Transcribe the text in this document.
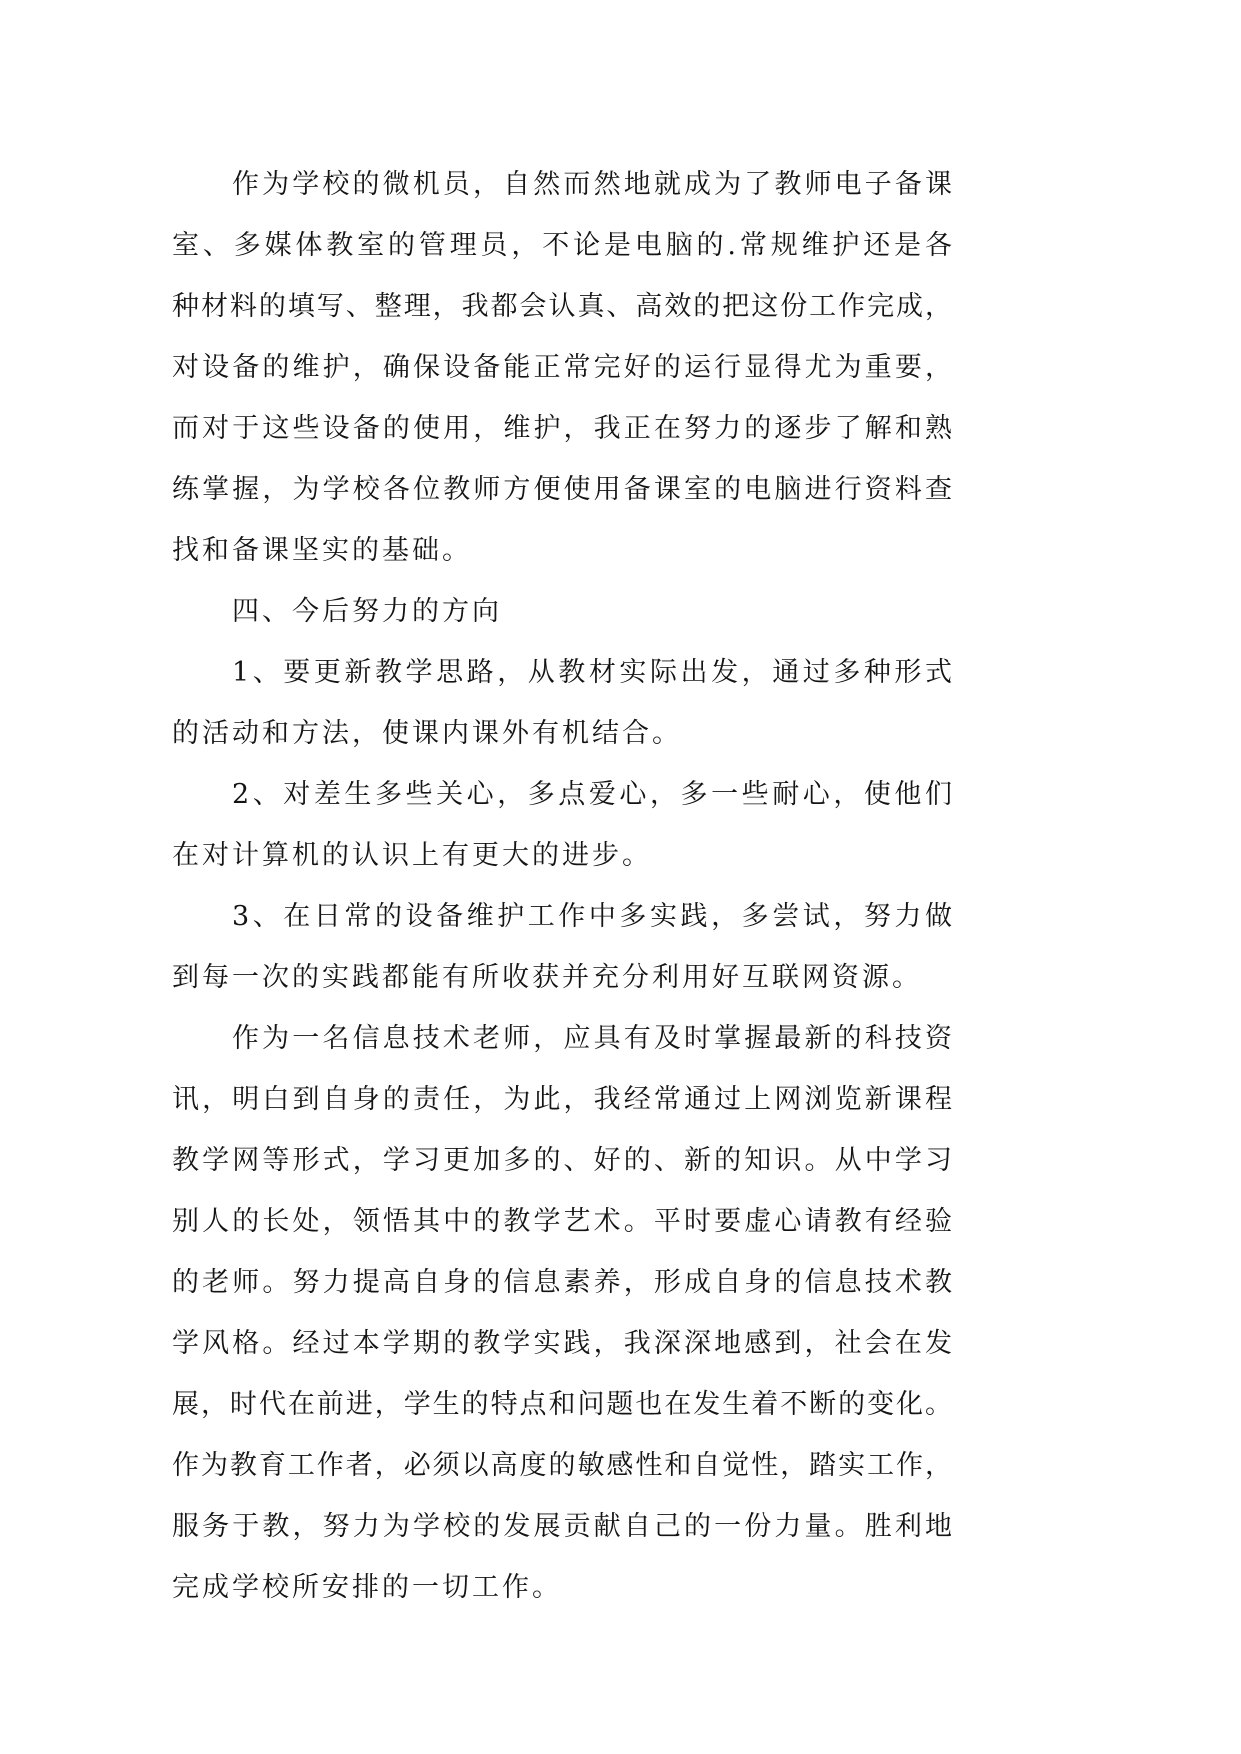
作为学校的微机员，自然而然地就成为了教师电子备课
室、多媒体教室的管理员，不论是电脑的.常规维护还是各
种材料的填写、整理，我都会认真、高效的把这份工作完成，
对设备的维护，确保设备能正常完好的运行显得尤为重要，
而对于这些设备的使用，维护，我正在努力的逐步了解和熟
练掌握，为学校各位教师方便使用备课室的电脑进行资料查
找和备课坚实的基础。
四、今后努力的方向
1、要更新教学思路，从教材实际出发，通过多种形式
的活动和方法，使课内课外有机结合。
2、对差生多些关心，多点爱心，多一些耐心，使他们
在对计算机的认识上有更大的进步。
3、在日常的设备维护工作中多实践，多尝试，努力做
到每一次的实践都能有所收获并充分利用好互联网资源。
作为一名信息技术老师，应具有及时掌握最新的科技资
讯，明白到自身的责任，为此，我经常通过上网浏览新课程
教学网等形式，学习更加多的、好的、新的知识。从中学习
别人的长处，领悟其中的教学艺术。平时要虚心请教有经验
的老师。努力提高自身的信息素养，形成自身的信息技术教
学风格。经过本学期的教学实践，我深深地感到，社会在发
展，时代在前进，学生的特点和问题也在发生着不断的变化。
作为教育工作者，必须以高度的敏感性和自觉性，踏实工作，
服务于教，努力为学校的发展贡献自己的一份力量。胜利地
完成学校所安排的一切工作。
